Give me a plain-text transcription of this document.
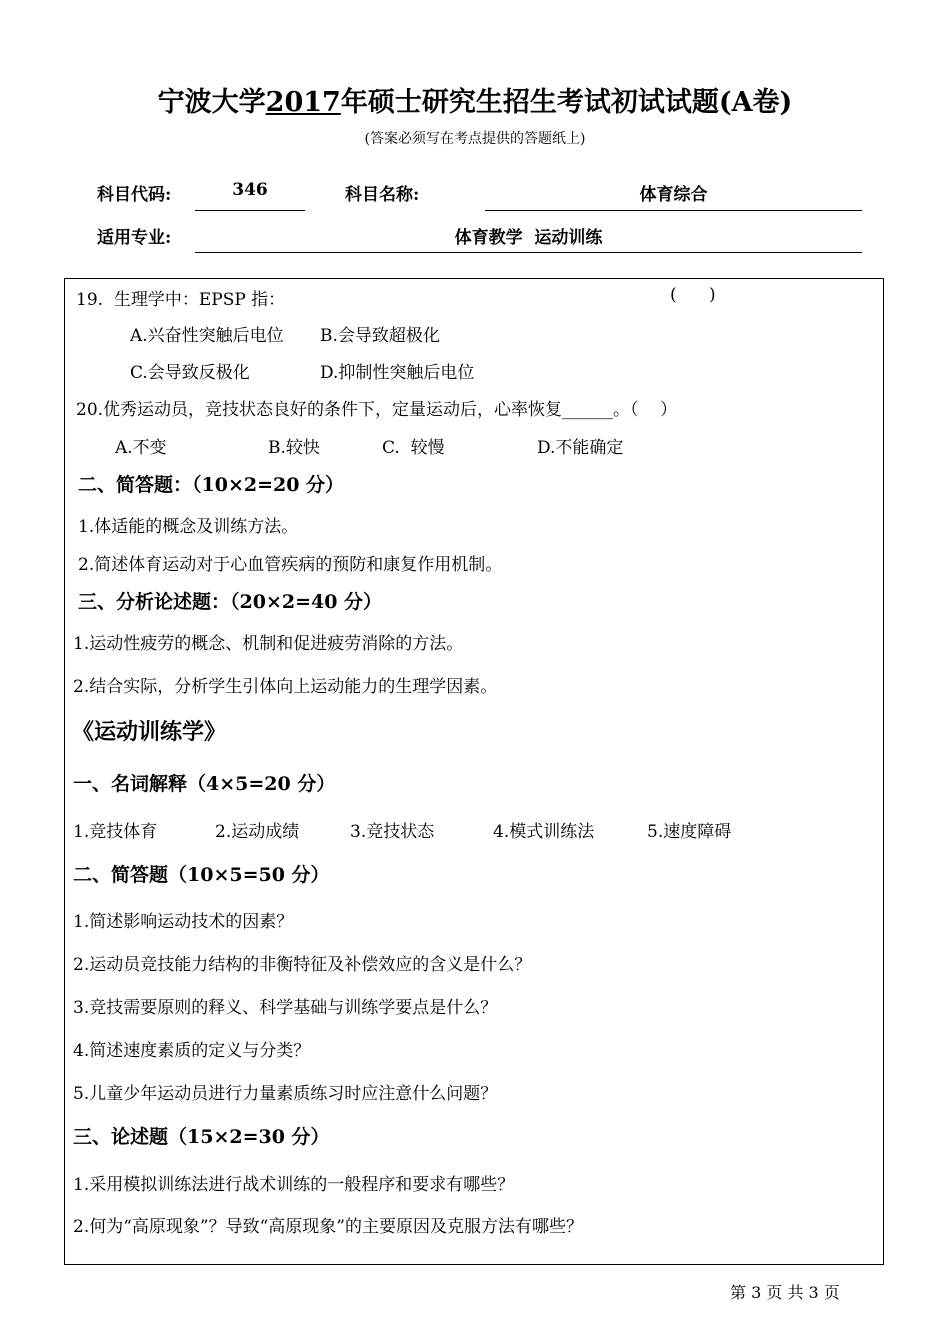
宁波大学2017年硕士研究生招生考试初试试题(A卷)
(答案必须写在考点提供的答题纸上)
科目代码:	346	科目名称:	体育综合
适用专业:	体育教学  运动训练
19.  生理学中：EPSP 指：	(      )
A.兴奋性突触后电位 B.会导致超极化
C.会导致反极化	D.抑制性突触后电位
20.优秀运动员，竞技状态良好的条件下，定量运动后，心率恢复______。（    ）
A.不变	B.较快	C.  较慢	D.不能确定
二、简答题：（10×2=20 分）
1.体适能的概念及训练方法。
2.简述体育运动对于心血管疾病的预防和康复作用机制。
三、分析论述题：（20×2=40 分）
1.运动性疲劳的概念、机制和促进疲劳消除的方法。
2.结合实际，分析学生引体向上运动能力的生理学因素。
《运动训练学》
一、名词解释（4×5=20 分）
1.竞技体育	2.运动成绩	3.竞技状态	4.模式训练法	5.速度障碍
二、简答题（10×5=50 分）
1.简述影响运动技术的因素？
2.运动员竞技能力结构的非衡特征及补偿效应的含义是什么？
3.竞技需要原则的释义、科学基础与训练学要点是什么？
4.简述速度素质的定义与分类？
5.儿童少年运动员进行力量素质练习时应注意什么问题？
三、论述题（15×2=30 分）
1.采用模拟训练法进行战术训练的一般程序和要求有哪些？
2.何为“高原现象”？导致“高原现象”的主要原因及克服方法有哪些？
第 3 页 共 3 页
